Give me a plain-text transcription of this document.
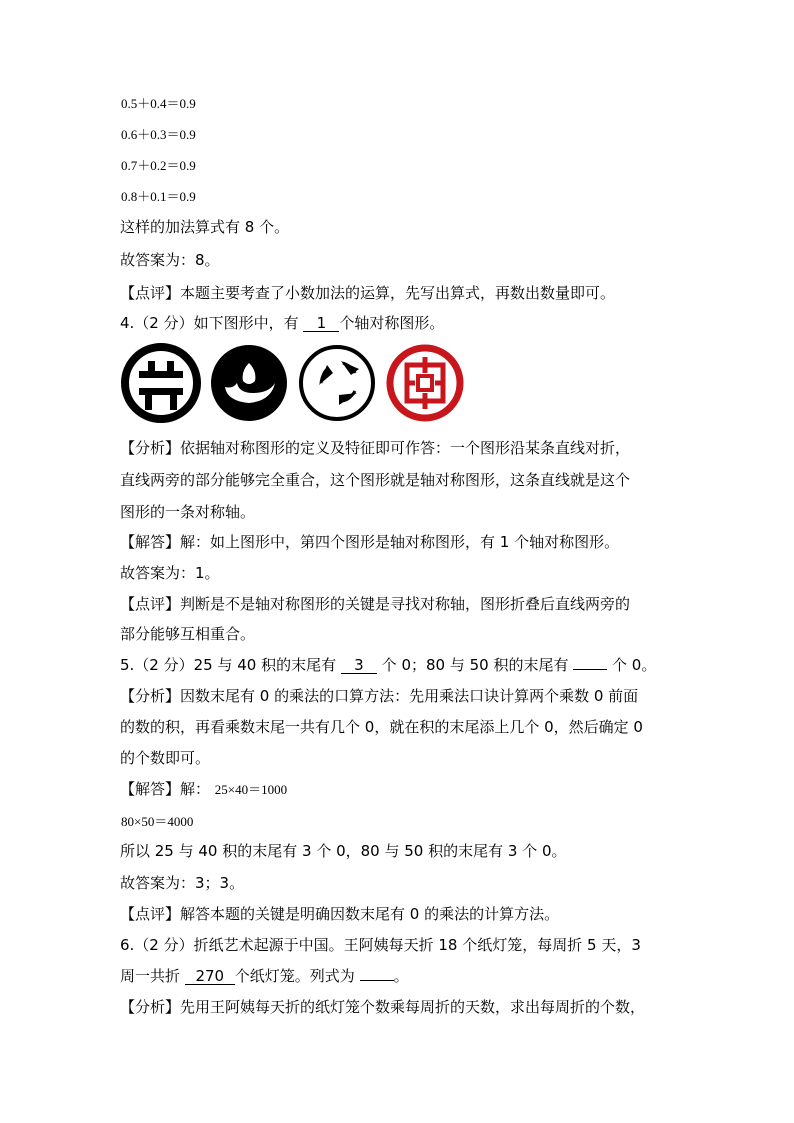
0.5＋0.4＝0.9
0.6＋0.3＝0.9
0.7＋0.2＝0.9
0.8＋0.1＝0.9
这样的加法算式有 8 个。
故答案为：8。
【点评】本题主要考查了小数加法的运算，先写出算式，再数出数量即可。
4.（2 分）如下图形中，有 1 个轴对称图形。
【分析】依据轴对称图形的定义及特征即可作答：一个图形沿某条直线对折，
直线两旁的部分能够完全重合，这个图形就是轴对称图形，这条直线就是这个
图形的一条对称轴。
【解答】解：如上图形中，第四个图形是轴对称图形，有 1 个轴对称图形。
故答案为：1。
【点评】判断是不是轴对称图形的关键是寻找对称轴，图形折叠后直线两旁的
部分能够互相重合。
5.（2 分）25 与 40 积的末尾有 3 个 0；80 与 50 积的末尾有	个 0。
【分析】因数末尾有 0 的乘法的口算方法：先用乘法口诀计算两个乘数 0 前面
的数的积，再看乘数末尾一共有几个 0，就在积的末尾添上几个 0，然后确定 0
的个数即可。
【解答】解： 25×40＝1000
80×50＝4000
所以 25 与 40 积的末尾有 3 个 0，80 与 50 积的末尾有 3 个 0。
故答案为：3；3。
【点评】解答本题的关键是明确因数末尾有 0 的乘法的计算方法。
6.（2 分）折纸艺术起源于中国。王阿姨每天折 18 个纸灯笼，每周折 5 天，3
周一共折 270 个纸灯笼。列式为	。
【分析】先用王阿姨每天折的纸灯笼个数乘每周折的天数，求出每周折的个数，
